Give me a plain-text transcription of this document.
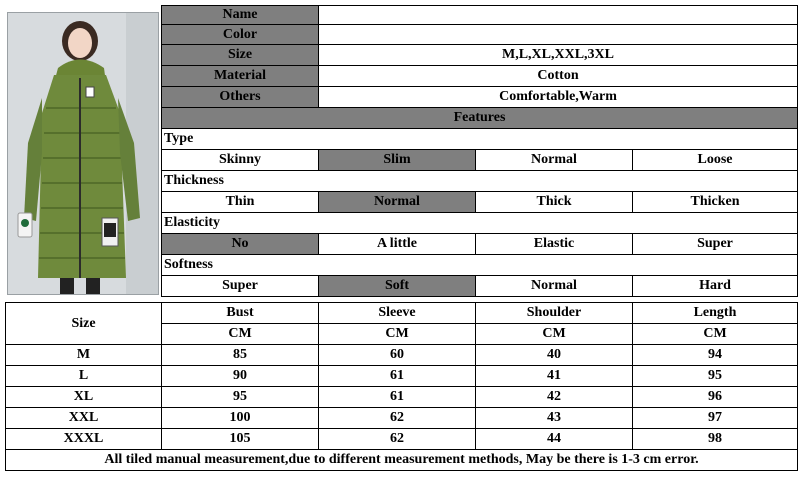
Name			
Color			
Size	M,L,XL,XXL,3XL		
Material	Cotton		
Others	Comfortable,Warm		
Features			
Type			
Skinny	Slim	Normal	Loose
Thickness			
Thin	Normal	Thick	Thicken
Elasticity			
No	A little	Elastic	Super
Softness			
Super	Soft	Normal	Hard
Size	Bust	Sleeve	Shoulder	Length
	CM	CM	CM	CM
M	85	60	40	94
L	90	61	41	95
XL	95	61	42	96
XXL	100	62	43	97
XXXL	105	62	44	98
All tiled manual measurement,due to different measurement methods, May be there is 1-3 cm error.				
